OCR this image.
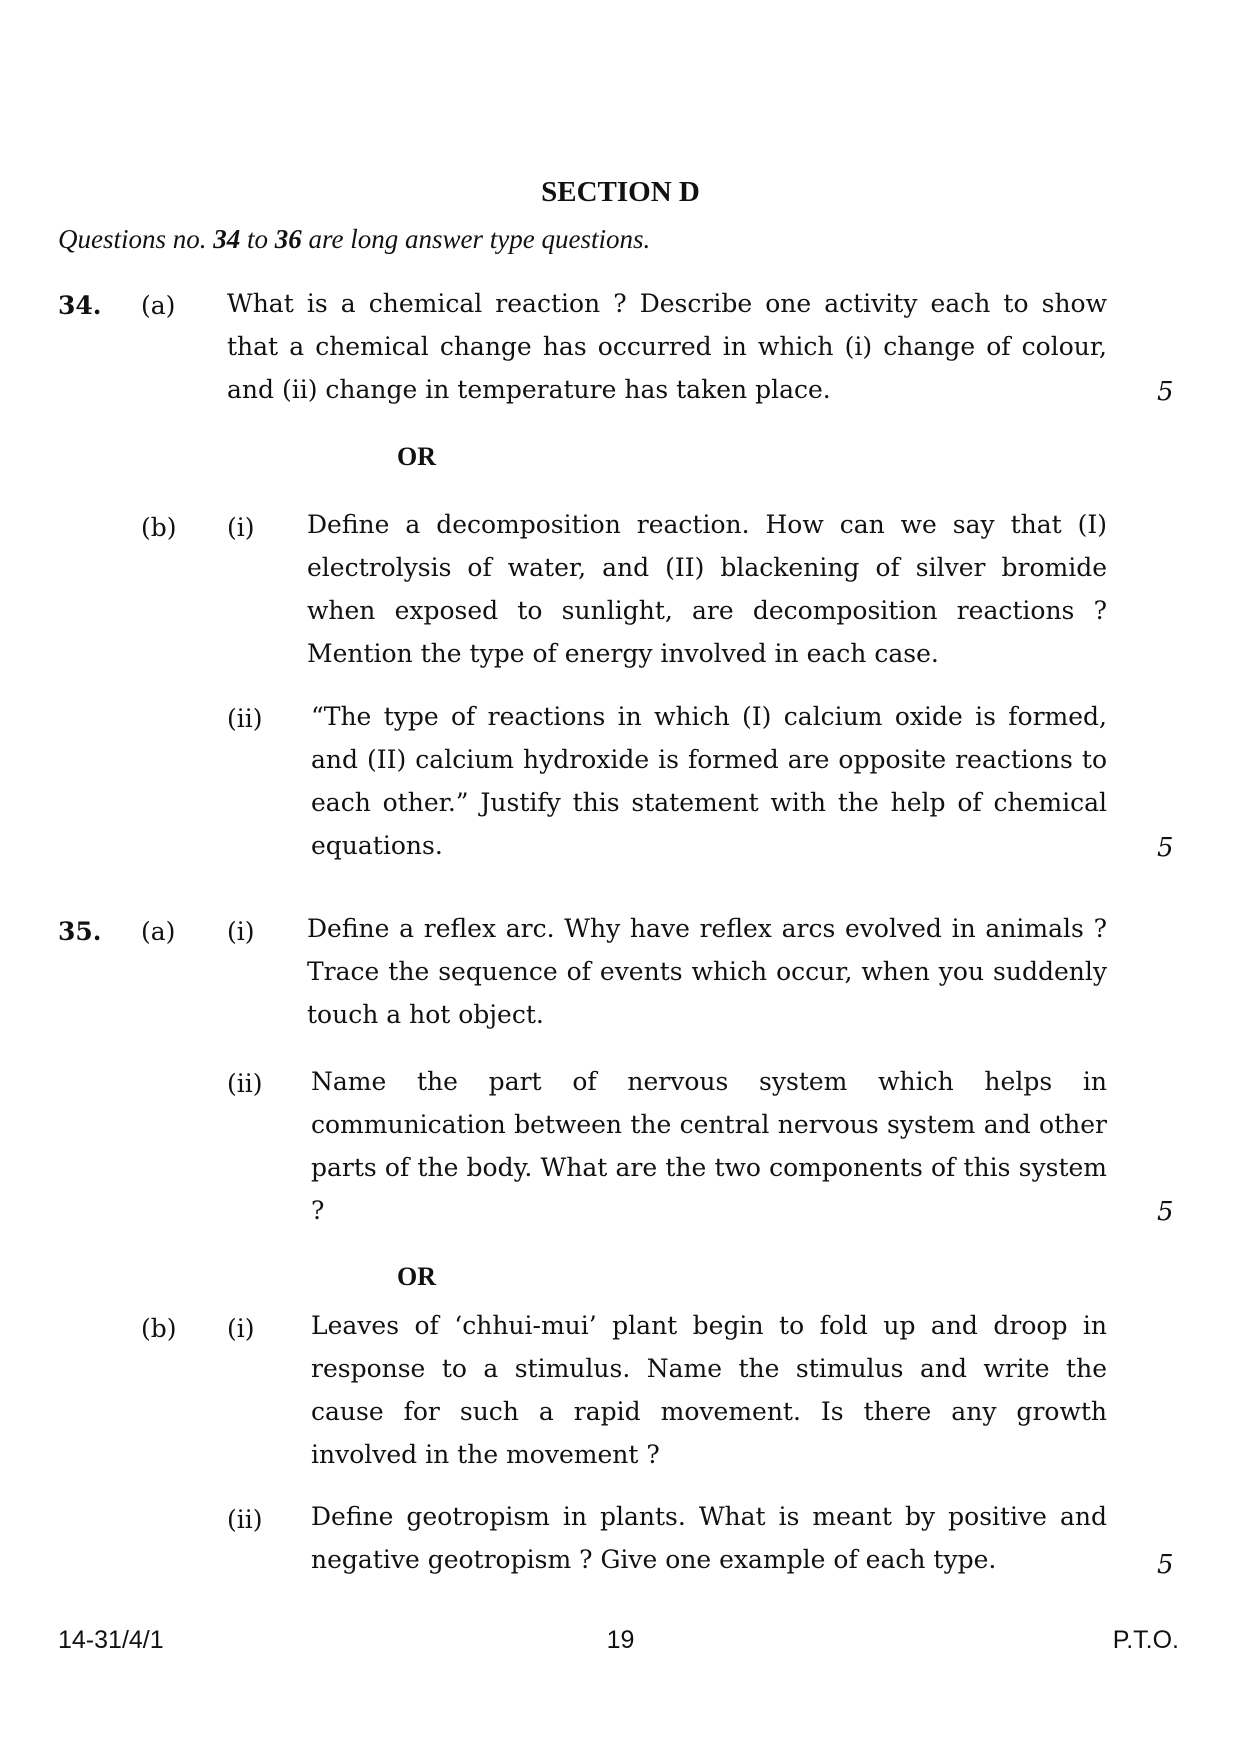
SECTION D
Questions no. 34 to 36 are long answer type questions.
34. (a) What is a chemical reaction ? Describe one activity each to show that a chemical change has occurred in which (i) change of colour, and (ii) change in temperature has taken place.	5
OR
(b) (i) Define a decomposition reaction. How can we say that (I) electrolysis of water, and (II) blackening of silver bromide when exposed to sunlight, are decomposition reactions ? Mention the type of energy involved in each case.
(ii) “The type of reactions in which (I) calcium oxide is formed, and (II) calcium hydroxide is formed are opposite reactions to each other.” Justify this statement with the help of chemical equations.	5
35. (a) (i) Define a reflex arc. Why have reflex arcs evolved in animals ? Trace the sequence of events which occur, when you suddenly touch a hot object.
(ii) Name the part of nervous system which helps in communication between the central nervous system and other parts of the body. What are the two components of this system ?	5
OR
(b) (i) Leaves of ‘chhui-mui’ plant begin to fold up and droop in response to a stimulus. Name the stimulus and write the cause for such a rapid movement. Is there any growth involved in the movement ?
(ii) Define geotropism in plants. What is meant by positive and negative geotropism ? Give one example of each type.	5
14-31/4/1	19	P.T.O.
